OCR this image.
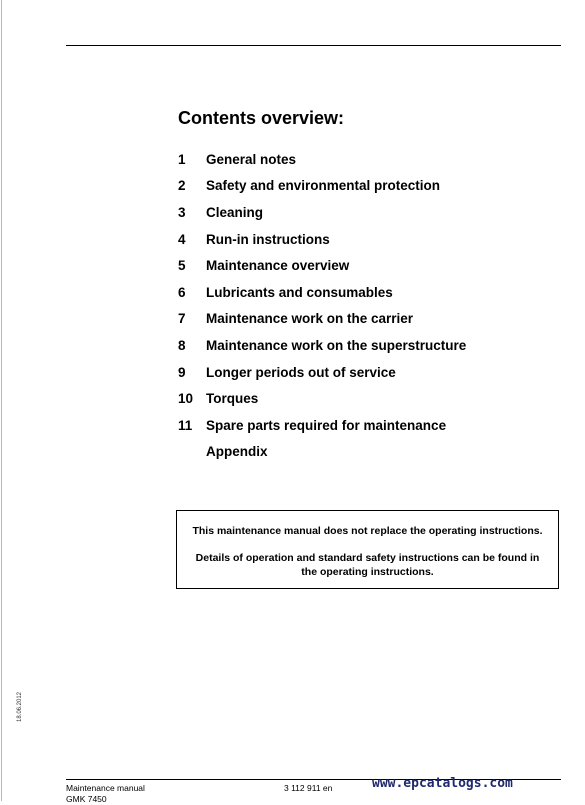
Contents overview:
1	General notes
2	Safety and environmental protection
3	Cleaning
4	Run-in instructions
5	Maintenance overview
6	Lubricants and consumables
7	Maintenance work on the carrier
8	Maintenance work on the superstructure
9	Longer periods out of service
10 Torques
11	Spare parts required for maintenance
Appendix
This maintenance manual does not replace the operating instructions.
Details of operation and standard safety instructions can be found in the operating instructions.
18.06.2012
Maintenance manual
GMK 7450
3 112 911 en	www.epcatalogs.com
